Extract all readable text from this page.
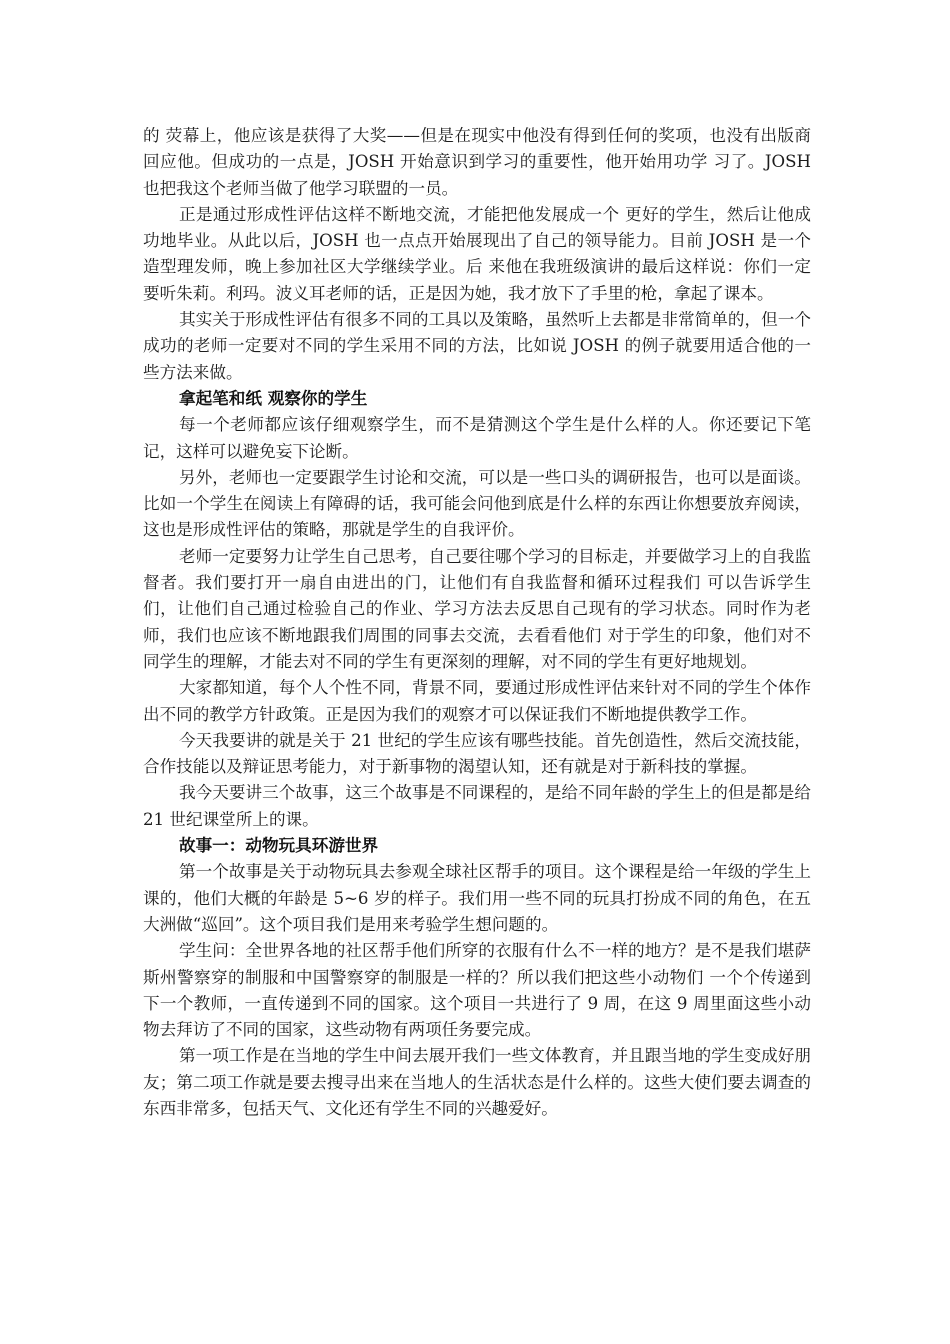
的 荧幕上，他应该是获得了大奖——但是在现实中他没有得到任何的奖项，也没有出版商回应他。但成功的一点是，JOSH 开始意识到学习的重要性，他开始用功学 习了。JOSH 也把我这个老师当做了他学习联盟的一员。

正是通过形成性评估这样不断地交流，才能把他发展成一个 更好的学生，然后让他成功地毕业。从此以后，JOSH 也一点点开始展现出了自己的领导能力。目前 JOSH 是一个造型理发师，晚上参加社区大学继续学业。后 来他在我班级演讲的最后这样说：你们一定要听朱莉。利玛。波义耳老师的话，正是因为她，我才放下了手里的枪，拿起了课本。

其实关于形成性评估有很多不同的工具以及策略，虽然听上去都是非常简单的，但一个成功的老师一定要对不同的学生采用不同的方法，比如说 JOSH 的例子就要用适合他的一些方法来做。

拿起笔和纸 观察你的学生

每一个老师都应该仔细观察学生，而不是猜测这个学生是什么样的人。你还要记下笔记，这样可以避免妄下论断。

另外，老师也一定要跟学生讨论和交流，可以是一些口头的调研报告，也可以是面谈。比如一个学生在阅读上有障碍的话，我可能会问他到底是什么样的东西让你想要放弃阅读，这也是形成性评估的策略，那就是学生的自我评价。

老师一定要努力让学生自己思考，自己要往哪个学习的目标走，并要做学习上的自我监督者。我们要打开一扇自由进出的门，让他们有自我监督和循环过程我们 可以告诉学生们，让他们自己通过检验自己的作业、学习方法去反思自己现有的学习状态。同时作为老师，我们也应该不断地跟我们周围的同事去交流，去看看他们 对于学生的印象，他们对不同学生的理解，才能去对不同的学生有更深刻的理解，对不同的学生有更好地规划。

大家都知道，每个人个性不同，背景不同，要通过形成性评估来针对不同的学生个体作出不同的教学方针政策。正是因为我们的观察才可以保证我们不断地提供教学工作。

今天我要讲的就是关于 21 世纪的学生应该有哪些技能。首先创造性，然后交流技能，合作技能以及辩证思考能力，对于新事物的渴望认知，还有就是对于新科技的掌握。

我今天要讲三个故事，这三个故事是不同课程的，是给不同年龄的学生上的但是都是给 21 世纪课堂所上的课。

故事一：动物玩具环游世界

第一个故事是关于动物玩具去参观全球社区帮手的项目。这个课程是给一年级的学生上课的，他们大概的年龄是 5~6 岁的样子。我们用一些不同的玩具打扮成不同的角色，在五大洲做“巡回”。这个项目我们是用来考验学生想问题的。

学生问：全世界各地的社区帮手他们所穿的衣服有什么不一样的地方？是不是我们堪萨斯州警察穿的制服和中国警察穿的制服是一样的？所以我们把这些小动物们 一个个传递到下一个教师，一直传递到不同的国家。这个项目一共进行了 9 周，在这 9 周里面这些小动物去拜访了不同的国家，这些动物有两项任务要完成。

第一项工作是在当地的学生中间去展开我们一些文体教育，并且跟当地的学生变成好朋友；第二项工作就是要去搜寻出来在当地人的生活状态是什么样的。这些大使们要去调查的东西非常多，包括天气、文化还有学生不同的兴趣爱好。
